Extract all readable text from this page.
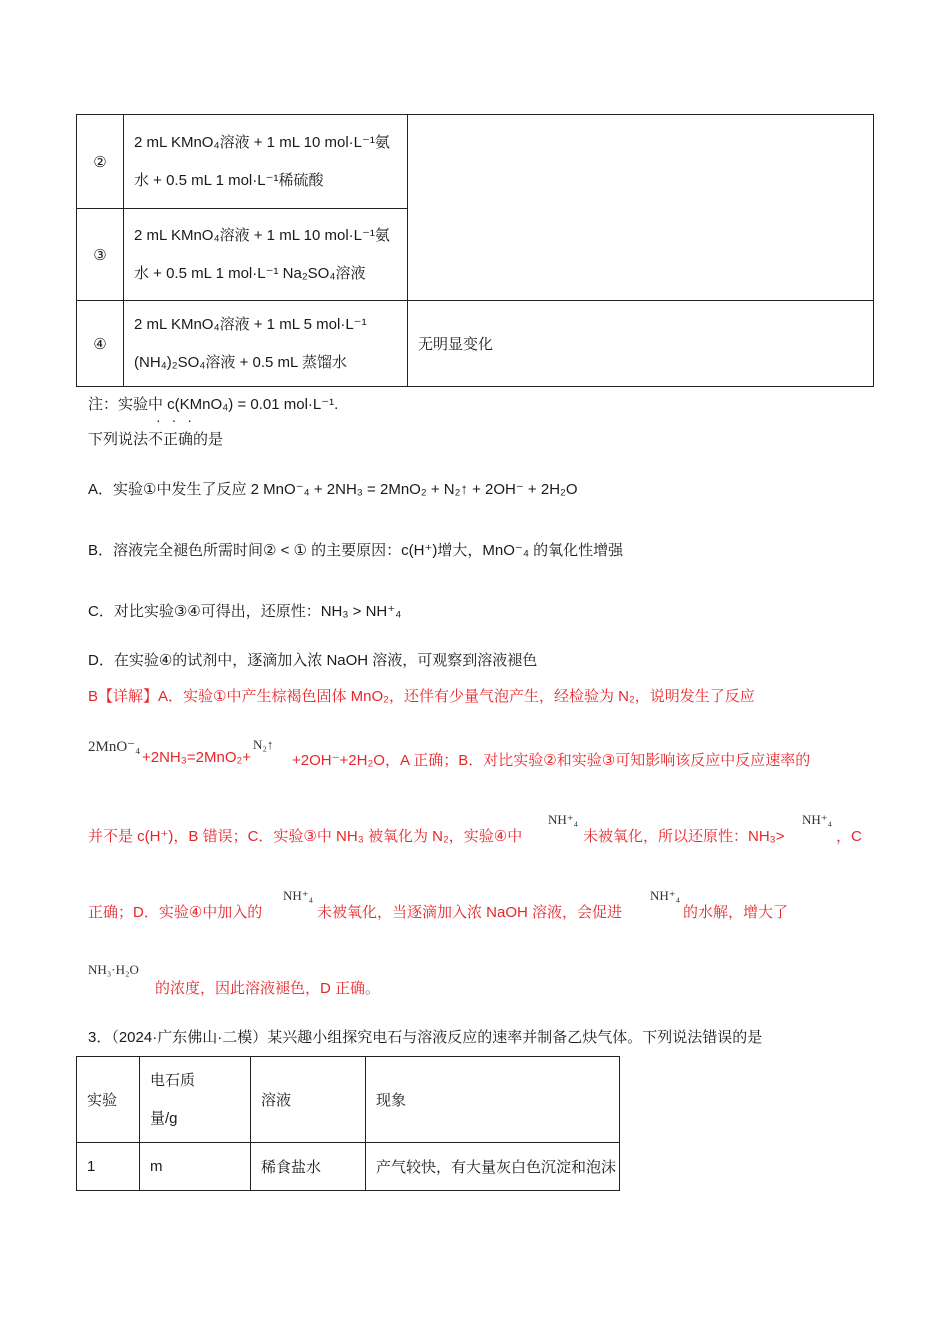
②	2 mL KMnO₄溶液 + 1 mL 10 mol·L⁻¹氨
水 + 0.5 mL 1 mol·L⁻¹稀硫酸	

③	2 mL KMnO₄溶液 + 1 mL 10 mol·L⁻¹氨
水 + 0.5 mL 1 mol·L⁻¹ Na₂SO₄溶液	

④	2 mL KMnO₄溶液 + 1 mL 5 mol·L⁻¹
(NH₄)₂SO₄溶液 + 0.5 mL 蒸馏水	无明显变化
注：实验中 c(KMnO₄) = 0.01 mol·L⁻¹.
···
下列说法不正确的是
A．实验①中发生了反应 2 MnO⁻₄ + 2NH₃ = 2MnO₂ + N₂↑ + 2OH⁻ + 2H₂O
B．溶液完全褪色所需时间② < ① 的主要原因：c(H⁺)增大，MnO⁻₄ 的氧化性增强
C．对比实验③④可得出，还原性：NH₃ > NH⁺₄
D．在实验④的试剂中，逐滴加入浓 NaOH 溶液，可观察到溶液褪色
B【详解】A．实验①中产生棕褐色固体 MnO₂，还伴有少量气泡产生，经检验为 N₂，说明发生了反应
2MnO⁻₄
+2NH₃=2MnO₂+
N₂↑
+2OH⁻+2H₂O，A 正确；B．对比实验②和实验③可知影响该反应中反应速率的
并不是 c(H⁺)，B 错误；C．实验③中 NH₃ 被氧化为 N₂，实验④中
NH⁺₄
未被氧化，所以还原性：NH₃>
NH⁺₄
，C
正确；D．实验④中加入的
NH⁺₄
未被氧化，当逐滴加入浓 NaOH 溶液，会促进
NH⁺₄
的水解，增大了
NH₃·H₂O
的浓度，因此溶液褪色，D 正确。
3．（2024·广东佛山·二模）某兴趣小组探究电石与溶液反应的速率并制备乙炔气体。下列说法错误的是
实验	电石质量/g	溶液	现象
1	m	稀食盐水	产气较快，有大量灰白色沉淀和泡沫
